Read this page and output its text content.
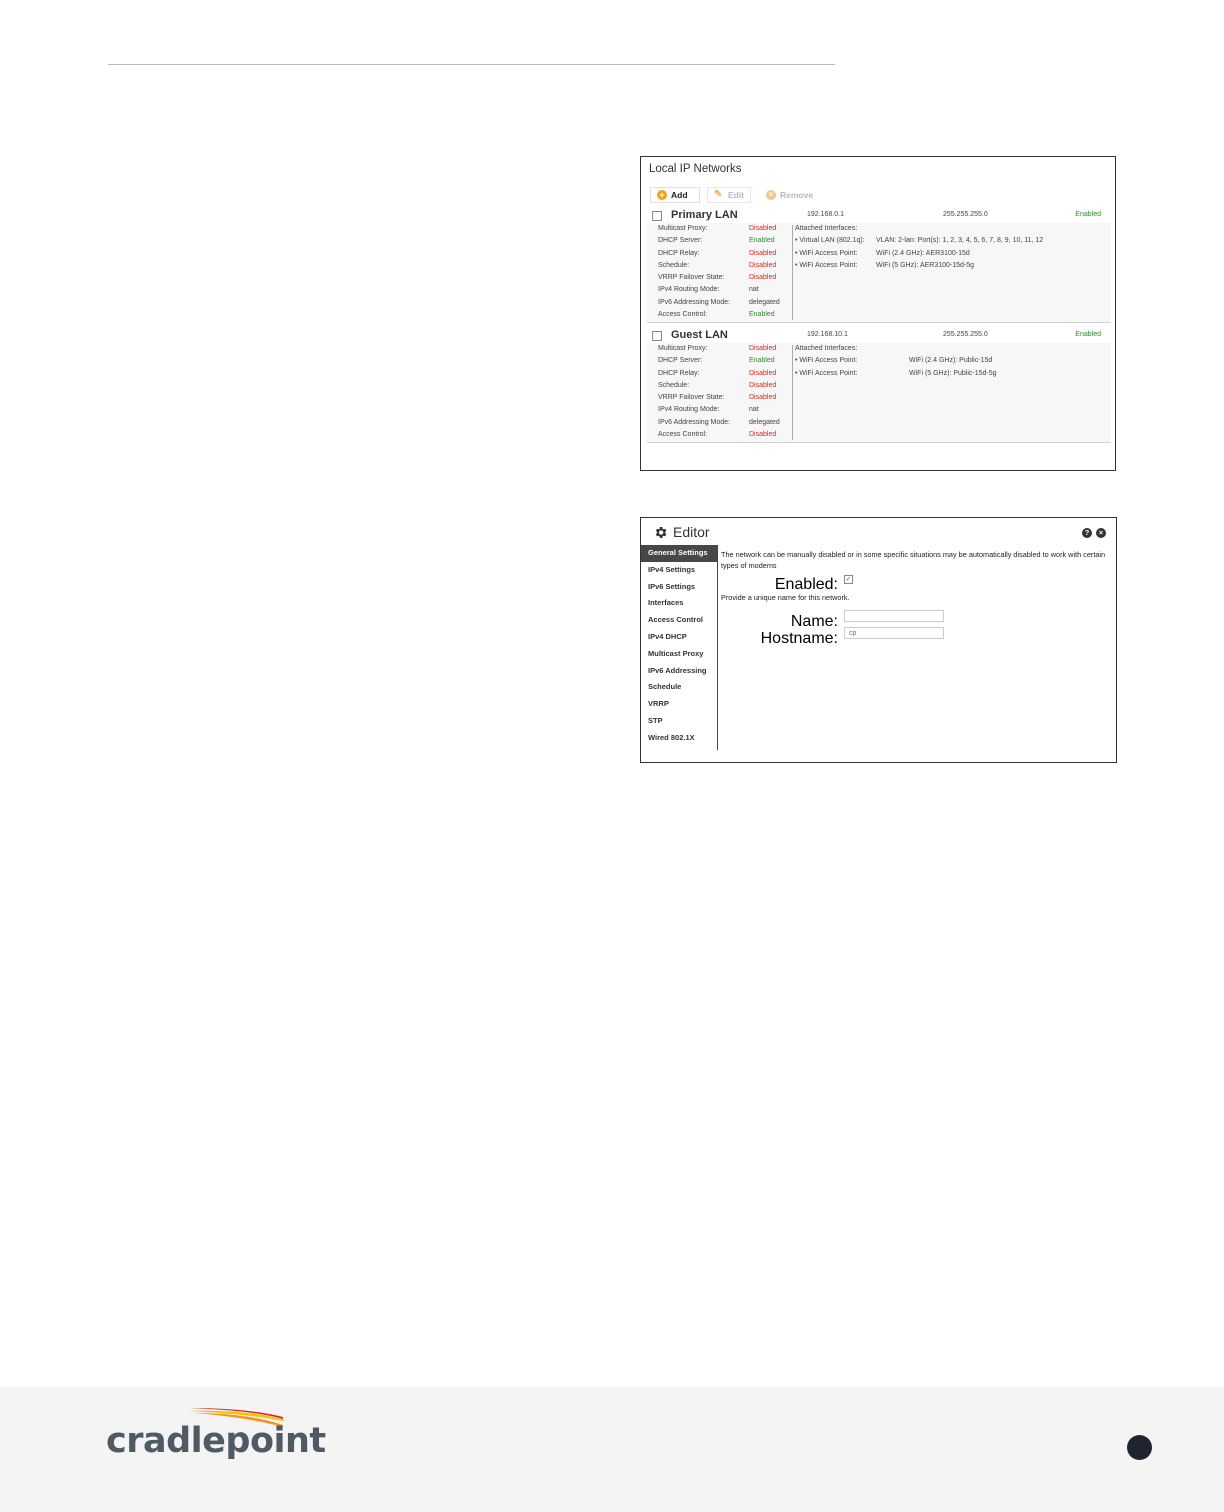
Local IP Networks
+ Add	✎ Edit	× Remove
Primary LAN	192.168.0.1	255.255.255.0	Enabled
Multicast Proxy:	Disabled
DHCP Server:	Enabled
DHCP Relay:	Disabled
Schedule:	Disabled
VRRP Failover State:	Disabled
IPv4 Routing Mode:	nat
IPv6 Addressing Mode:	delegated
Access Control:	Enabled
Attached Interfaces:
• Virtual LAN (802.1q): VLAN: 2-lan: Port(s): 1, 2, 3, 4, 5, 6, 7, 8, 9, 10, 11, 12
• WiFi Access Point:	WiFi (2.4 GHz): AER3100-15d
• WiFi Access Point:	WiFi (5 GHz): AER3100-15d-5g
Guest LAN	192.168.10.1	255.255.255.0	Enabled
Multicast Proxy:	Disabled
DHCP Server:	Enabled
DHCP Relay:	Disabled
Schedule:	Disabled
VRRP Failover State:	Disabled
IPv4 Routing Mode:	nat
IPv6 Addressing Mode:	delegated
Access Control:	Disabled
Attached Interfaces:
• WiFi Access Point:	WiFi (2.4 GHz): Public-15d
• WiFi Access Point:	WiFi (5 GHz): Public-15d-5g
Editor	?	×
General Settings
IPv4 Settings
IPv6 Settings
Interfaces
Access Control
IPv4 DHCP
Multicast Proxy
IPv6 Addressing
Schedule
VRRP
STP
Wired 802.1X
The network can be manually disabled or in some specific situations may be automatically disabled to work with certain types of modems
Enabled: ✓
Provide a unique name for this network.
Name:
Hostname:
cp
cradlepoint
